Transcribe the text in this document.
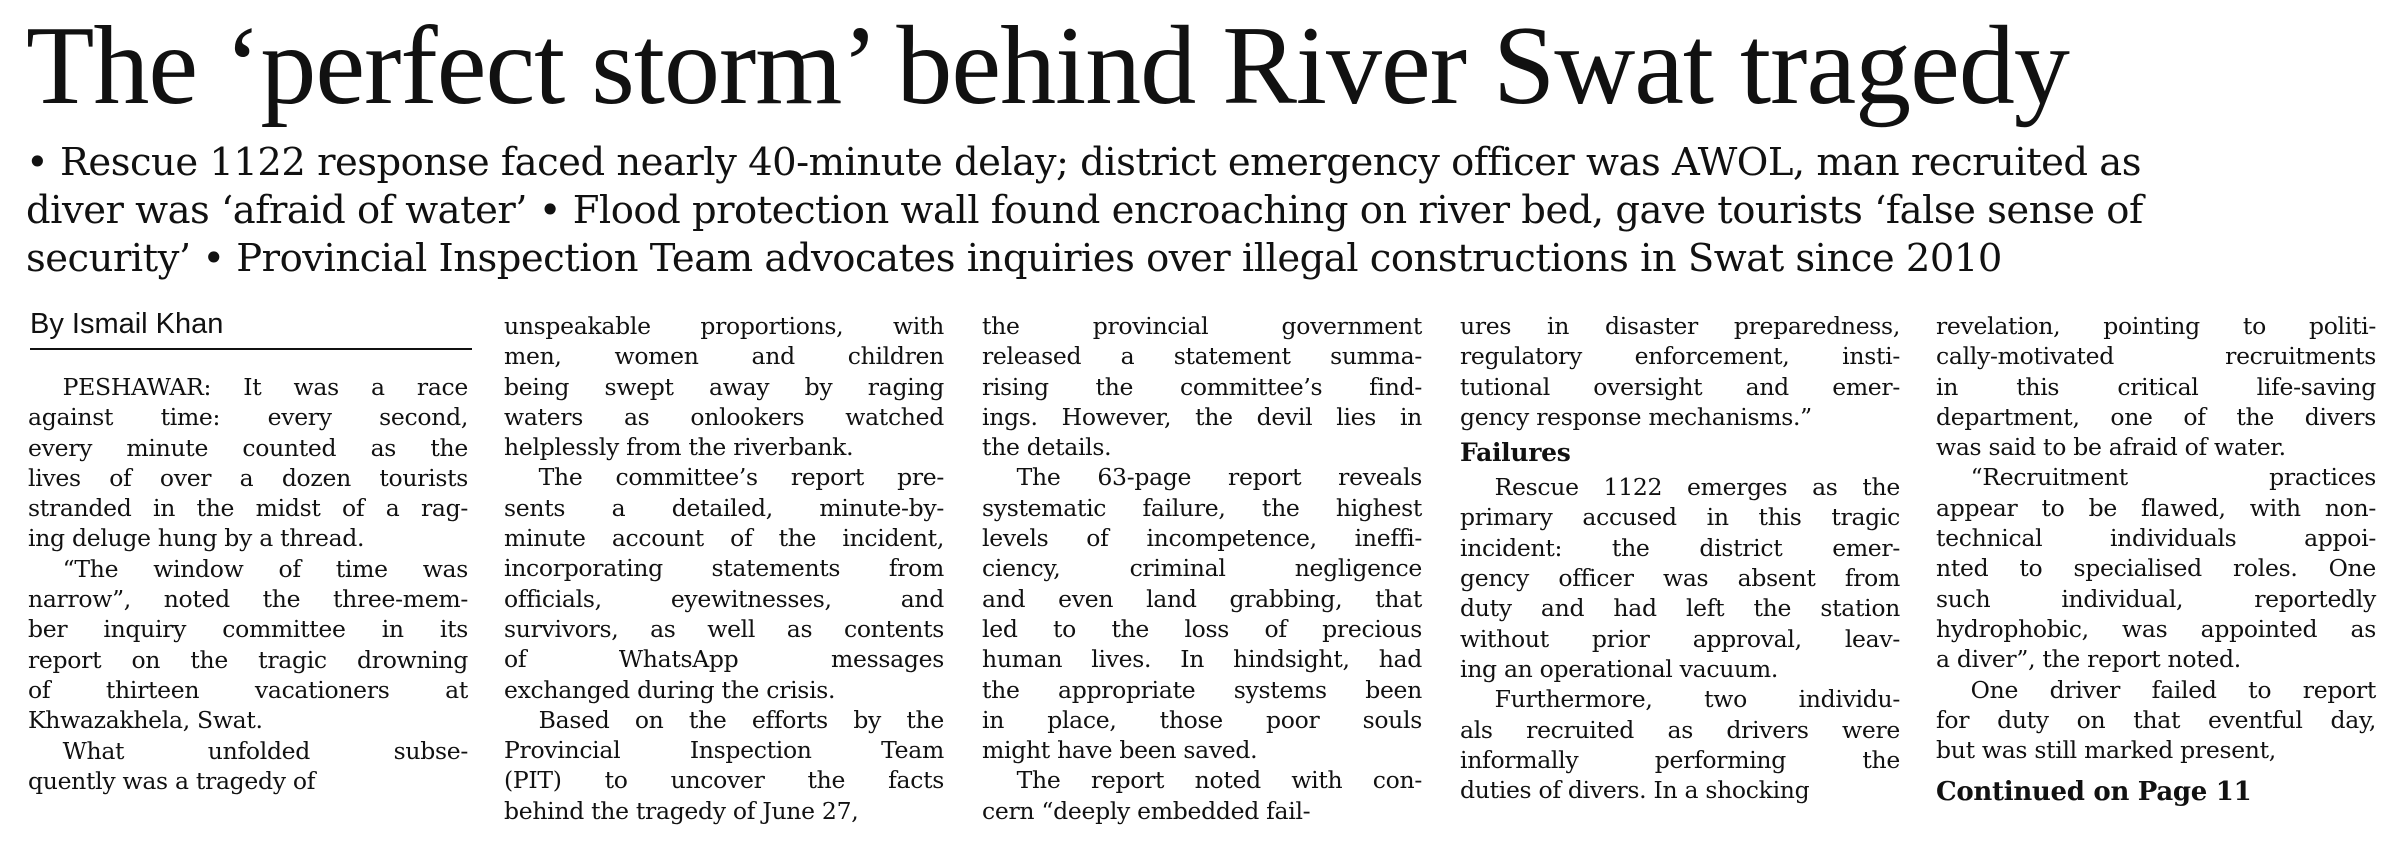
The ‘perfect storm’ behind River Swat tragedy
• Rescue 1122 response faced nearly 40-minute delay; district emergency officer was AWOL, man recruited as
diver was ‘afraid of water’ • Flood protection wall found encroaching on river bed, gave tourists ‘false sense of
security’ • Provincial Inspection Team advocates inquiries over illegal constructions in Swat since 2010
By Ismail Khan
  PESHAWAR: It was a race
against time: every second,
every minute counted as the
lives of over a dozen tourists
stranded in the midst of a rag-
ing deluge hung by a thread.
  “The window of time was
narrow”, noted the three-mem-
ber inquiry committee in its
report on the tragic drowning
of thirteen vacationers at
Khwazakhela, Swat.
  What unfolded subse-
quently was a tragedy of
unspeakable proportions, with
men, women and children
being swept away by raging
waters as onlookers watched
helplessly from the riverbank.
  The committee’s report pre-
sents a detailed, minute-by-
minute account of the incident,
incorporating statements from
officials, eyewitnesses, and
survivors, as well as contents
of WhatsApp messages
exchanged during the crisis.
  Based on the efforts by the
Provincial Inspection Team
(PIT) to uncover the facts
behind the tragedy of June 27,
the provincial government
released a statement summa-
rising the committee’s find-
ings. However, the devil lies in
the details.
  The 63-page report reveals
systematic failure, the highest
levels of incompetence, ineffi-
ciency, criminal negligence
and even land grabbing, that
led to the loss of precious
human lives. In hindsight, had
the appropriate systems been
in place, those poor souls
might have been saved.
  The report noted with con-
cern “deeply embedded fail-
ures in disaster preparedness,
regulatory enforcement, insti-
tutional oversight and emer-
gency response mechanisms.”
Failures
  Rescue 1122 emerges as the
primary accused in this tragic
incident: the district emer-
gency officer was absent from
duty and had left the station
without prior approval, leav-
ing an operational vacuum.
  Furthermore, two individu-
als recruited as drivers were
informally performing the
duties of divers. In a shocking
revelation, pointing to politi-
cally-motivated recruitments
in this critical life-saving
department, one of the divers
was said to be afraid of water.
  “Recruitment practices
appear to be flawed, with non-
technical individuals appoi-
nted to specialised roles. One
such individual, reportedly
hydrophobic, was appointed as
a diver”, the report noted.
  One driver failed to report
for duty on that eventful day,
but was still marked present,
Continued on Page 11
